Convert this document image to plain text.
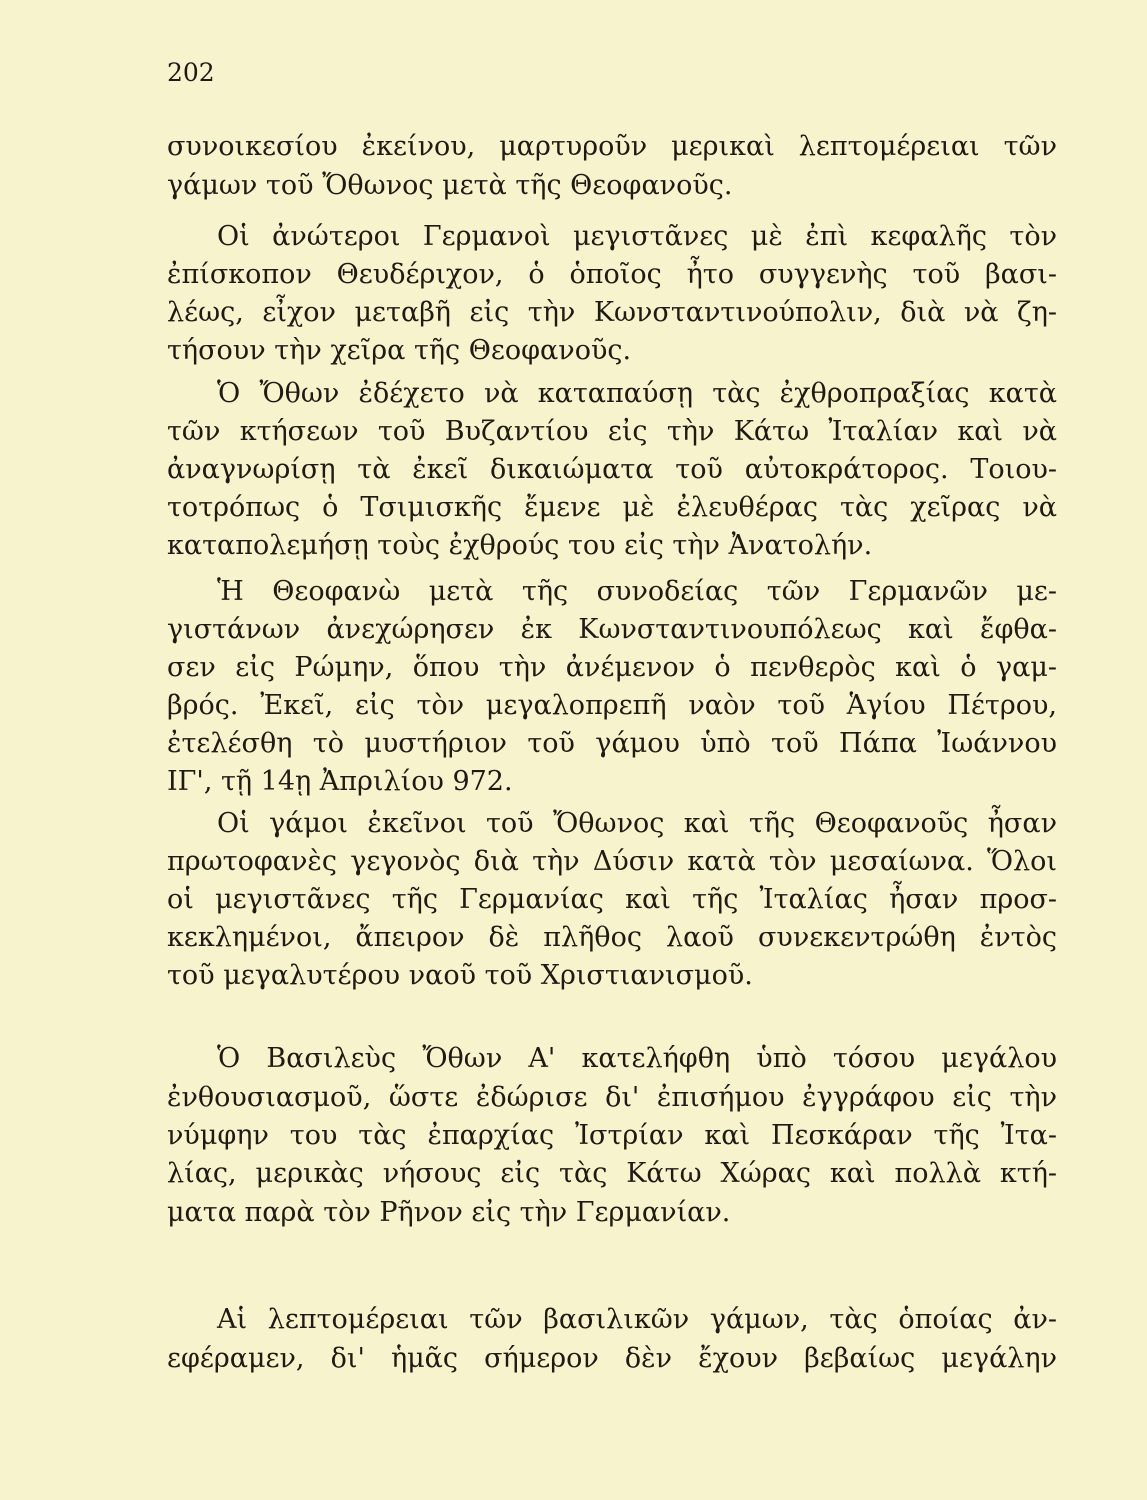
202
συνοικεσίου ἐκείνου, μαρτυροῦν μερικαὶ λεπτομέρειαι τῶν
γάμων τοῦ Ὄθωνος μετὰ τῆς Θεοφανοῦς.
Οἱ ἀνώτεροι Γερμανοὶ μεγιστᾶνες μὲ ἐπὶ κεφαλῆς τὸν
ἐπίσκοπον Θευδέριχον, ὁ ὁποῖος ἦτο συγγενὴς τοῦ βασι-
λέως, εἶχον μεταβῆ εἰς τὴν Κωνσταντινούπολιν, διὰ νὰ ζη-
τήσουν τὴν χεῖρα τῆς Θεοφανοῦς.
Ὁ Ὄθων ἐδέχετο νὰ καταπαύσῃ τὰς ἐχθροπραξίας κατὰ
τῶν κτήσεων τοῦ Βυζαντίου εἰς τὴν Κάτω Ἰταλίαν καὶ νὰ
ἀναγνωρίσῃ τὰ ἐκεῖ δικαιώματα τοῦ αὐτοκράτορος. Τοιου-
τοτρόπως ὁ Τσιμισκῆς ἔμενε μὲ ἐλευθέρας τὰς χεῖρας νὰ
καταπολεμήσῃ τοὺς ἐχθρούς του εἰς τὴν Ἀνατολήν.
Ἡ Θεοφανὼ μετὰ τῆς συνοδείας τῶν Γερμανῶν με-
γιστάνων ἀνεχώρησεν ἐκ Κωνσταντινουπόλεως καὶ ἔφθα-
σεν εἰς Ρώμην, ὅπου τὴν ἀνέμενον ὁ πενθερὸς καὶ ὁ γαμ-
βρός. Ἐκεῖ, εἰς τὸν μεγαλοπρεπῆ ναὸν τοῦ Ἁγίου Πέτρου,
ἐτελέσθη τὸ μυστήριον τοῦ γάμου ὑπὸ τοῦ Πάπα Ἰωάννου
ΙΓ', τῇ 14ῃ Ἀπριλίου 972.
Οἱ γάμοι ἐκεῖνοι τοῦ Ὄθωνος καὶ τῆς Θεοφανοῦς ἦσαν
πρωτοφανὲς γεγονὸς διὰ τὴν Δύσιν κατὰ τὸν μεσαίωνα. Ὅλοι
οἱ μεγιστᾶνες τῆς Γερμανίας καὶ τῆς Ἰταλίας ἦσαν προσ-
κεκλημένοι, ἄπειρον δὲ πλῆθος λαοῦ συνεκεντρώθη ἐντὸς
τοῦ μεγαλυτέρου ναοῦ τοῦ Χριστιανισμοῦ.
Ὁ Βασιλεὺς Ὄθων Α' κατελήφθη ὑπὸ τόσου μεγάλου
ἐνθουσιασμοῦ, ὥστε ἐδώρισε δι' ἐπισήμου ἐγγράφου εἰς τὴν
νύμφην του τὰς ἐπαρχίας Ἰστρίαν καὶ Πεσκάραν τῆς Ἰτα-
λίας, μερικὰς νήσους εἰς τὰς Κάτω Χώρας καὶ πολλὰ κτή-
ματα παρὰ τὸν Ρῆνον εἰς τὴν Γερμανίαν.
Αἱ λεπτομέρειαι τῶν βασιλικῶν γάμων, τὰς ὁποίας ἀν-
εφέραμεν, δι' ἡμᾶς σήμερον δὲν ἔχουν βεβαίως μεγάλην
